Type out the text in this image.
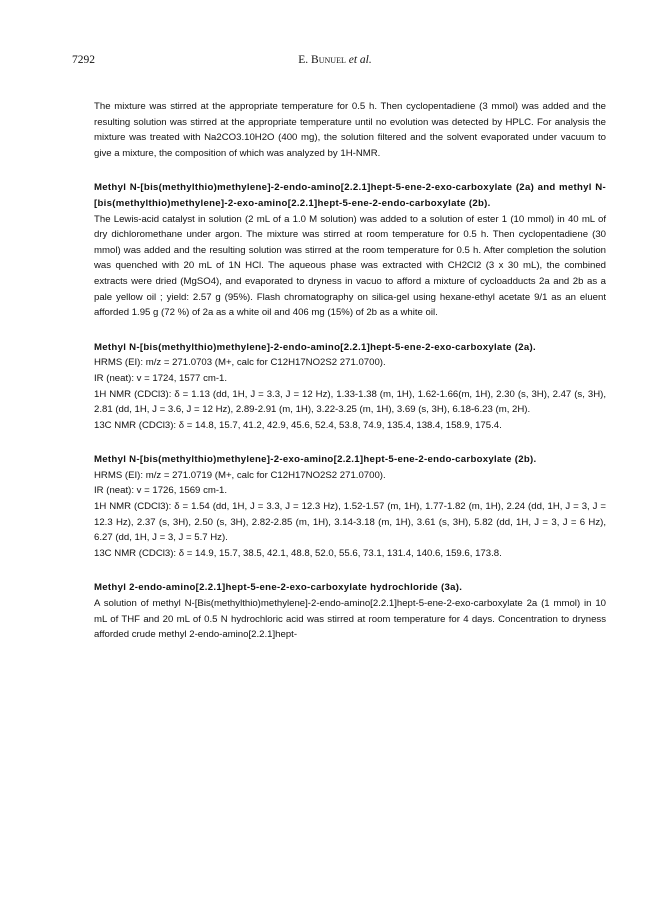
7292	E. Bunuel et al.

The mixture was stirred at the appropriate temperature for 0.5 h. Then cyclopentadiene (3 mmol) was added and the resulting solution was stirred at the appropriate temperature until no evolution was detected by HPLC. For analysis the mixture was treated with Na2CO3.10H2O (400 mg), the solution filtered and the solvent evaporated under vacuum to give a mixture, the composition of which was analyzed by 1H-NMR.

Methyl N-[bis(methylthio)methylene]-2-endo-amino[2.2.1]hept-5-ene-2-exo-carboxylate (2a) and methyl N-[bis(methylthio)methylene]-2-exo-amino[2.2.1]hept-5-ene-2-endo-carboxylate (2b).

The Lewis-acid catalyst in solution (2 mL of a 1.0 M solution) was added to a solution of ester 1 (10 mmol) in 40 mL of dry dichloromethane under argon. The mixture was stirred at room temperature for 0.5 h. Then cyclopentadiene (30 mmol) was added and the resulting solution was stirred at the room temperature for 0.5 h. After completion the solution was quenched with 20 mL of 1N HCl. The aqueous phase was extracted with CH2Cl2 (3 x 30 mL), the combined extracts were dried (MgSO4), and evaporated to dryness in vacuo to afford a mixture of cycloadducts 2a and 2b as a pale yellow oil ; yield: 2.57 g (95%). Flash chromatography on silica-gel using hexane-ethyl acetate 9/1 as an eluent afforded 1.95 g (72 %) of 2a as a white oil and 406 mg (15%) of 2b as a white oil.

Methyl N-[bis(methylthio)methylene]-2-endo-amino[2.2.1]hept-5-ene-2-exo-carboxylate (2a).

HRMS (EI): m/z = 271.0703 (M+, calc for C12H17NO2S2 271.0700).

IR (neat): v = 1724, 1577 cm-1.

1H NMR (CDCl3): δ = 1.13 (dd, 1H, J = 3.3, J = 12 Hz), 1.33-1.38 (m, 1H), 1.62-1.66(m, 1H), 2.30 (s, 3H), 2.47 (s, 3H), 2.81 (dd, 1H, J = 3.6, J = 12 Hz), 2.89-2.91 (m, 1H), 3.22-3.25 (m, 1H), 3.69 (s, 3H), 6.18-6.23 (m, 2H).

13C NMR (CDCl3): δ = 14.8, 15.7, 41.2, 42.9, 45.6, 52.4, 53.8, 74.9, 135.4, 138.4, 158.9, 175.4.

Methyl N-[bis(methylthio)methylene]-2-exo-amino[2.2.1]hept-5-ene-2-endo-carboxylate (2b).

HRMS (EI): m/z = 271.0719 (M+, calc for C12H17NO2S2 271.0700).

IR (neat): v = 1726, 1569 cm-1.

1H NMR (CDCl3): δ = 1.54 (dd, 1H, J = 3.3, J = 12.3 Hz), 1.52-1.57 (m, 1H), 1.77-1.82 (m, 1H), 2.24 (dd, 1H, J = 3, J = 12.3 Hz), 2.37 (s, 3H), 2.50 (s, 3H), 2.82-2.85 (m, 1H), 3.14-3.18 (m, 1H), 3.61 (s, 3H), 5.82 (dd, 1H, J = 3, J = 6 Hz), 6.27 (dd, 1H, J = 3, J = 5.7 Hz).

13C NMR (CDCl3): δ = 14.9, 15.7, 38.5, 42.1, 48.8, 52.0, 55.6, 73.1, 131.4, 140.6, 159.6, 173.8.

Methyl 2-endo-amino[2.2.1]hept-5-ene-2-exo-carboxylate hydrochloride (3a).

A solution of methyl N-[Bis(methylthio)methylene]-2-endo-amino[2.2.1]hept-5-ene-2-exo-carboxylate 2a (1 mmol) in 10 mL of THF and 20 mL of 0.5 N hydrochloric acid was stirred at room temperature for 4 days. Concentration to dryness afforded crude methyl 2-endo-amino[2.2.1]hept-
